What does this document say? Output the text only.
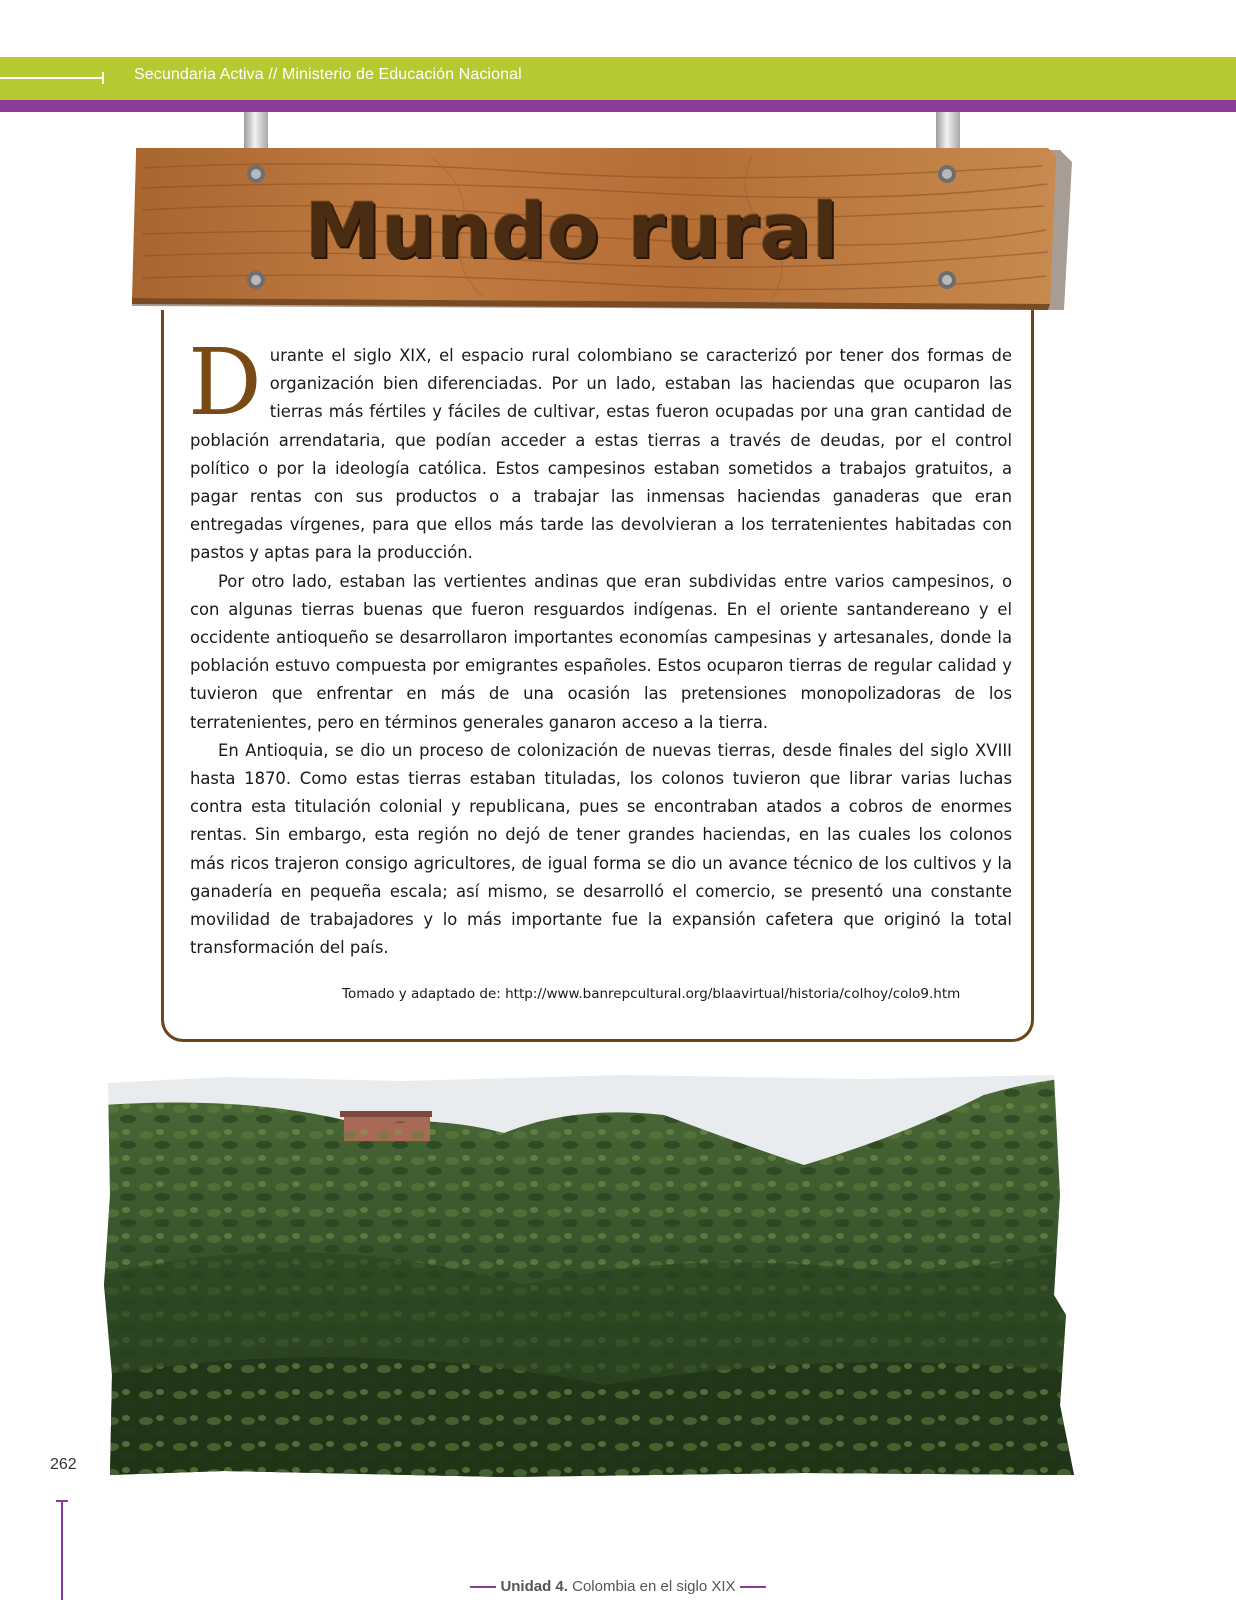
Secundaria Activa // Ministerio de Educación Nacional
Mundo rural

Durante el siglo XIX, el espacio rural colombiano se caracterizó por tener dos formas de organización bien diferenciadas. Por un lado, estaban las haciendas que ocuparon las tierras más fértiles y fáciles de cultivar, estas fueron ocupadas por una gran cantidad de población arrendataria, que podían acceder a estas tierras a través de deudas, por el control político o por la ideología católica. Estos campesinos estaban sometidos a trabajos gratuitos, a pagar rentas con sus productos o a trabajar las inmensas haciendas ganaderas que eran entregadas vírgenes, para que ellos más tarde las devolvieran a los terratenientes habitadas con pastos y aptas para la producción.

Por otro lado, estaban las vertientes andinas que eran subdividas entre varios campesinos, o con algunas tierras buenas que fueron resguardos indígenas. En el oriente santandereano y el occidente antioqueño se desarrollaron importantes economías campesinas y artesanales, donde la población estuvo compuesta por emigrantes españoles. Estos ocuparon tierras de regular calidad y tuvieron que enfrentar en más de una ocasión las pretensiones monopolizadoras de los terratenientes, pero en términos generales ganaron acceso a la tierra.

En Antioquia, se dio un proceso de colonización de nuevas tierras, desde finales del siglo XVIII hasta 1870. Como estas tierras estaban tituladas, los colonos tuvieron que librar varias luchas contra esta titulación colonial y republicana, pues se encontraban atados a cobros de enormes rentas. Sin embargo, esta región no dejó de tener grandes haciendas, en las cuales los colonos más ricos trajeron consigo agricultores, de igual forma se dio un avance técnico de los cultivos y la ganadería en pequeña escala; así mismo, se desarrolló el comercio, se presentó una constante movilidad de trabajadores y lo más importante fue la expansión cafetera que originó la total transformación del país.

Tomado y adaptado de: http://www.banrepcultural.org/blaavirtual/historia/colhoy/colo9.htm
262
Unidad 4. Colombia en el siglo XIX
